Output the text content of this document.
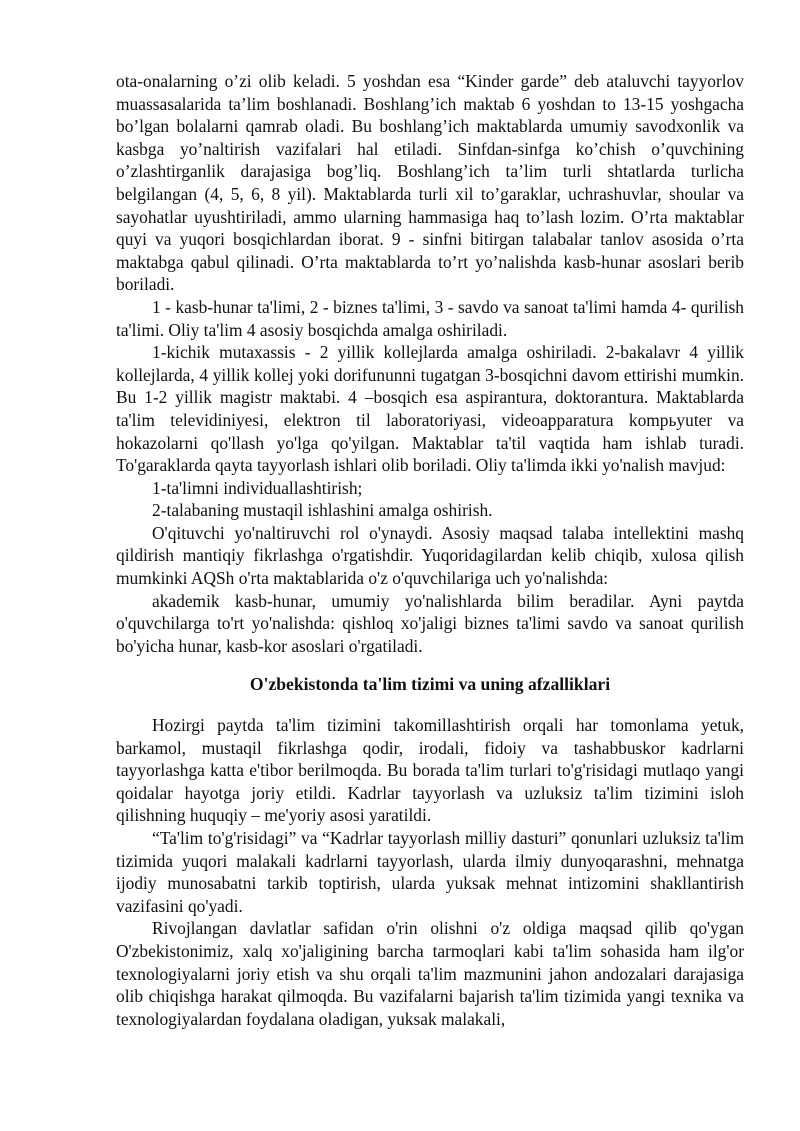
ota-onalarning o’zi olib keladi. 5 yoshdan esa “Kinder garde” deb ataluvchi tayyorlov muassasalarida ta’lim boshlanadi. Boshlang’ich maktab 6 yoshdan to 13-15 yoshgacha bo’lgan bolalarni qamrab oladi. Bu boshlang’ich maktablarda umumiy savodxonlik va kasbga yo’naltirish vazifalari hal etiladi. Sinfdan-sinfga ko’chish o’quvchining o’zlashtirganlik darajasiga bog’liq. Boshlang’ich ta’lim turli shtatlarda turlicha belgilangan (4, 5, 6, 8 yil). Maktablarda turli xil to’garaklar, uchrashuvlar, shoular va sayohatlar uyushtiriladi, ammo ularning hammasiga haq to’lash lozim. O’rta maktablar quyi va yuqori bosqichlardan iborat. 9 - sinfni bitirgan talabalar tanlov asosida o’rta maktabga qabul qilinadi. O’rta maktablarda to’rt yo’nalishda kasb-hunar asoslari berib boriladi.

1 - kasb-hunar ta'limi, 2 - biznes ta'limi, 3 - savdo va sanoat ta'limi hamda 4- qurilish ta'limi. Oliy ta'lim 4 asosiy bosqichda amalga oshiriladi.

1-kichik mutaxassis - 2 yillik kollejlarda amalga oshiriladi. 2-bakalavr 4 yillik kollejlarda, 4 yillik kollej yoki dorifununni tugatgan 3-bosqichni davom ettirishi mumkin. Bu 1-2 yillik magistr maktabi. 4 –bosqich esa aspirantura, doktorantura. Maktablarda ta'lim televidiniyesi, elektron til laboratoriyasi, videoapparatura kompьyuter va hokazolarni qo'llash yo'lga qo'yilgan. Maktablar ta'til vaqtida ham ishlab turadi. To'garaklarda qayta tayyorlash ishlari olib boriladi. Oliy ta'limda ikki yo'nalish mavjud:

1-ta'limni individuallashtirish;

2-talabaning mustaqil ishlashini amalga oshirish.

O'qituvchi yo'naltiruvchi rol o'ynaydi. Asosiy maqsad talaba intellektini mashq qildirish mantiqiy fikrlashga o'rgatishdir. Yuqoridagilardan kelib chiqib, xulosa qilish mumkinki AQSh o'rta maktablarida o'z o'quvchilariga uch yo'nalishda:

akademik kasb-hunar, umumiy yo'nalishlarda bilim beradilar. Ayni paytda o'quvchilarga to'rt yo'nalishda: qishloq xo'jaligi biznes ta'limi savdo va sanoat qurilish bo'yicha hunar, kasb-kor asoslari o'rgatiladi.

O'zbekistonda ta'lim tizimi va uning afzalliklari

Hozirgi paytda ta'lim tizimini takomillashtirish orqali har tomonlama yetuk, barkamol, mustaqil fikrlashga qodir, irodali, fidoiy va tashabbuskor kadrlarni tayyorlashga katta e'tibor berilmoqda. Bu borada ta'lim turlari to'g'risidagi mutlaqo yangi qoidalar hayotga joriy etildi. Kadrlar tayyorlash va uzluksiz ta'lim tizimini isloh qilishning huquqiy – me'yoriy asosi yaratildi.

“Ta'lim to'g'risidagi” va “Kadrlar tayyorlash milliy dasturi” qonunlari uzluksiz ta'lim tizimida yuqori malakali kadrlarni tayyorlash, ularda ilmiy dunyoqarashni, mehnatga ijodiy munosabatni tarkib toptirish, ularda yuksak mehnat intizomini shakllantirish vazifasini qo'yadi.

Rivojlangan davlatlar safidan o'rin olishni o'z oldiga maqsad qilib qo'ygan O'zbekistonimiz, xalq xo'jaligining barcha tarmoqlari kabi ta'lim sohasida ham ilg'or texnologiyalarni joriy etish va shu orqali ta'lim mazmunini jahon andozalari darajasiga olib chiqishga harakat qilmoqda. Bu vazifalarni bajarish ta'lim tizimida yangi texnika va texnologiyalardan foydalana oladigan, yuksak malakali,
